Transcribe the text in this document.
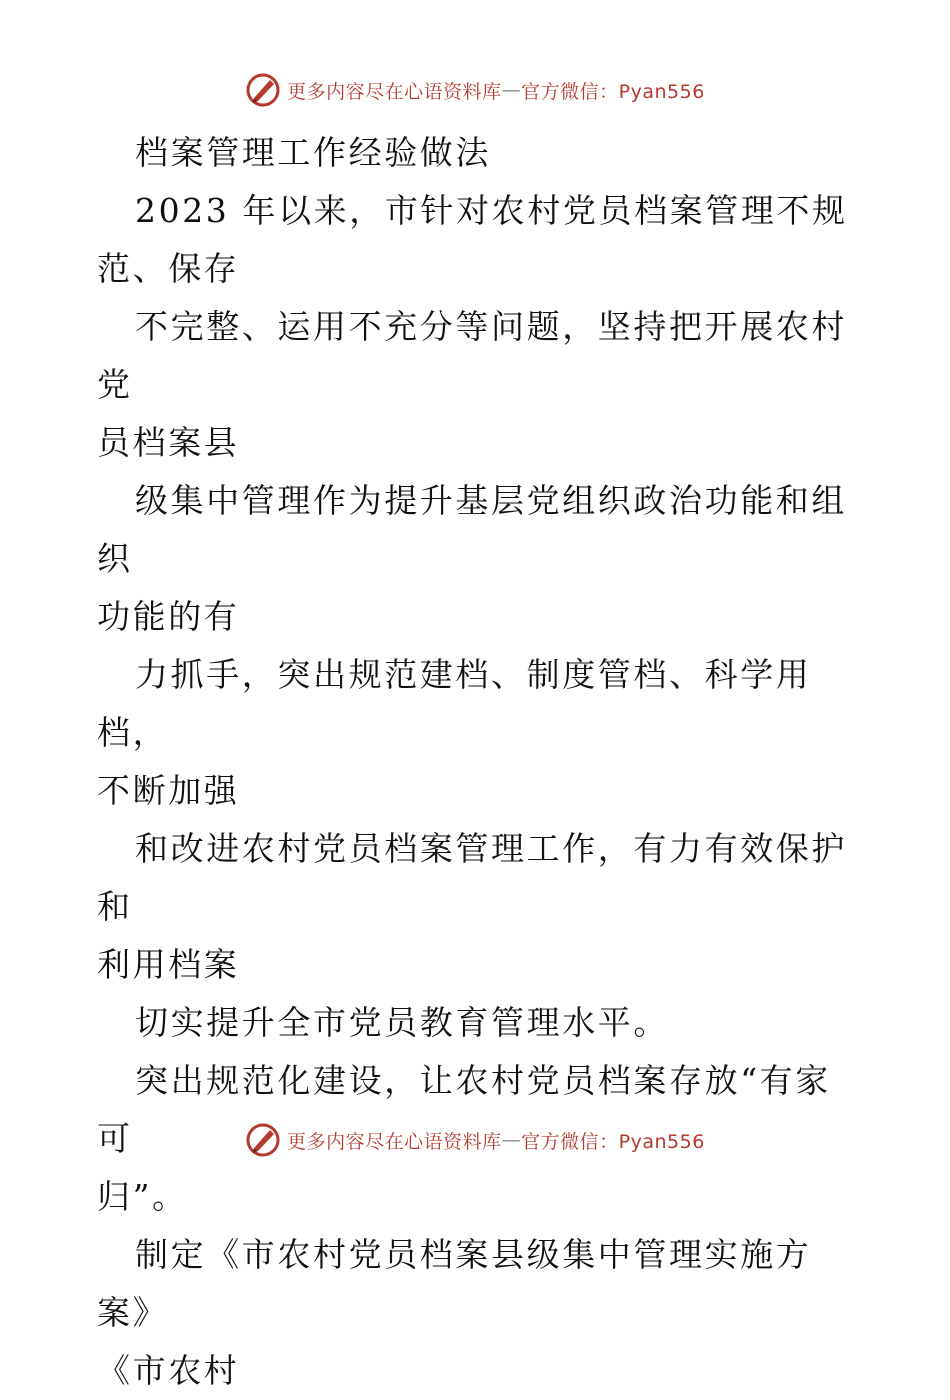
更多内容尽在心语资料库 — 官方微信：Pyan556

档案管理工作经验做法

2023 年以来，市针对农村党员档案管理不规
范、保存

不完整、运用不充分等问题，坚持把开展农村党
员档案县

级集中管理作为提升基层党组织政治功能和组织
功能的有

力抓手，突出规范建档、制度管档、科学用档，
不断加强

和改进农村党员档案管理工作，有力有效保护和
利用档案

切实提升全市党员教育管理水平。

突出规范化建设，让农村党员档案存放“有家可
归”。

制定《市农村党员档案县级集中管理实施方案》
《市农村

更多内容尽在心语资料库 — 官方微信：Pyan556
